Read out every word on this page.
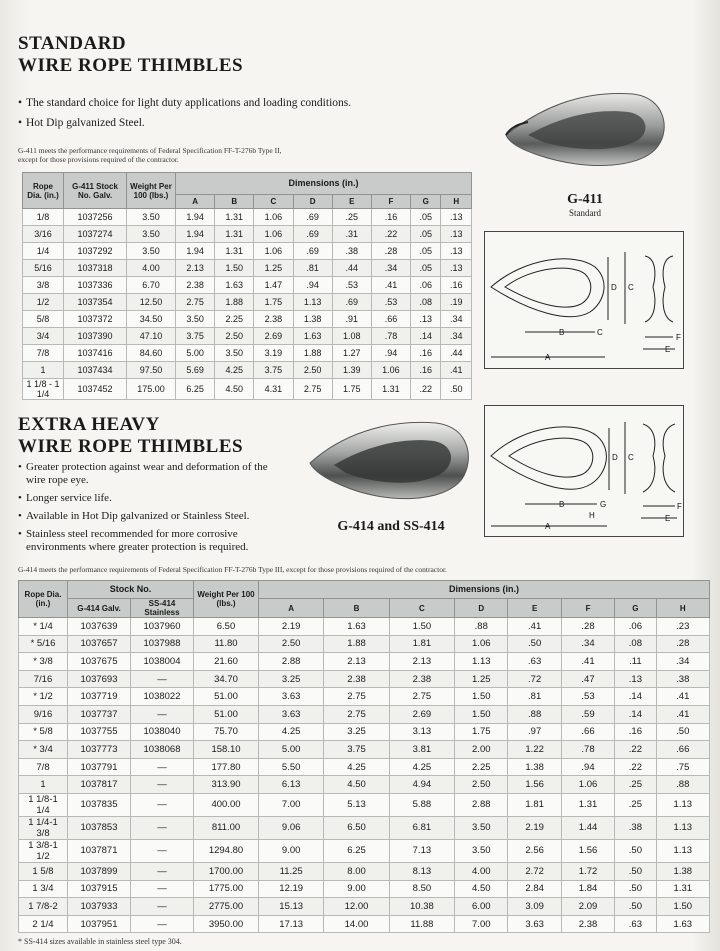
STANDARD
WIRE ROPE THIMBLES
• The standard choice for light duty applications and loading conditions.
• Hot Dip galvanized Steel.
G-411 meets the performance requirements of Federal Specification FF-T-276b Type II,
except for those provisions required of the contractor.
Rope Dia. (in.)	G-411 Stock No. Galv.	Weight Per 100 (lbs.)	Dimensions (in.)							
			A	B	C	D	E	F	G	H
1/8	1037256	3.50	1.94	1.31	1.06	.69	.25	.16	.05	.13
3/16	1037274	3.50	1.94	1.31	1.06	.69	.31	.22	.05	.13
1/4	1037292	3.50	1.94	1.31	1.06	.69	.38	.28	.05	.13
5/16	1037318	4.00	2.13	1.50	1.25	.81	.44	.34	.05	.13
3/8	1037336	6.70	2.38	1.63	1.47	.94	.53	.41	.06	.16
1/2	1037354	12.50	2.75	1.88	1.75	1.13	.69	.53	.08	.19
5/8	1037372	34.50	3.50	2.25	2.38	1.38	.91	.66	.13	.34
3/4	1037390	47.10	3.75	2.50	2.69	1.63	1.08	.78	.14	.34
7/8	1037416	84.60	5.00	3.50	3.19	1.88	1.27	.94	.16	.44
1	1037434	97.50	5.69	4.25	3.75	2.50	1.39	1.06	.16	.41
1 1/8 - 1 1/4	1037452	175.00	6.25	4.50	4.31	2.75	1.75	1.31	.22	.50
G-411
Standard
B
A
C
D C
F
E
EXTRA HEAVY
WIRE ROPE THIMBLES
• Greater protection against wear and deformation of the wire rope eye.
• Longer service life.
• Available in Hot Dip galvanized or Stainless Steel.
• Stainless steel recommended for more corrosive environments where greater protection is required.
G-414 and SS-414
B
A
G
H
D C
F
E
G-414 meets the performance requirements of Federal Specification FF-T-276b Type III, except for those provisions required of the contractor.
Rope Dia. (in.)	Stock No.		Weight Per 100 (lbs.)	Dimensions (in.)							
	G-414 Galv.	SS-414 Stainless		A	B	C	D	E	F	G	H
* 1/4	1037639	1037960	6.50	2.19	1.63	1.50	.88	.41	.28	.06	.23
* 5/16	1037657	1037988	11.80	2.50	1.88	1.81	1.06	.50	.34	.08	.28
* 3/8	1037675	1038004	21.60	2.88	2.13	2.13	1.13	.63	.41	.11	.34
7/16	1037693	—	34.70	3.25	2.38	2.38	1.25	.72	.47	.13	.38
* 1/2	1037719	1038022	51.00	3.63	2.75	2.75	1.50	.81	.53	.14	.41
9/16	1037737	—	51.00	3.63	2.75	2.69	1.50	.88	.59	.14	.41
* 5/8	1037755	1038040	75.70	4.25	3.25	3.13	1.75	.97	.66	.16	.50
* 3/4	1037773	1038068	158.10	5.00	3.75	3.81	2.00	1.22	.78	.22	.66
7/8	1037791	—	177.80	5.50	4.25	4.25	2.25	1.38	.94	.22	.75
1	1037817	—	313.90	6.13	4.50	4.94	2.50	1.56	1.06	.25	.88
1 1/8-1 1/4	1037835	—	400.00	7.00	5.13	5.88	2.88	1.81	1.31	.25	1.13
1 1/4-1 3/8	1037853	—	811.00	9.06	6.50	6.81	3.50	2.19	1.44	.38	1.13
1 3/8-1 1/2	1037871	—	1294.80	9.00	6.25	7.13	3.50	2.56	1.56	.50	1.13
1 5/8	1037899	—	1700.00	11.25	8.00	8.13	4.00	2.72	1.72	.50	1.38
1 3/4	1037915	—	1775.00	12.19	9.00	8.50	4.50	2.84	1.84	.50	1.31
1 7/8-2	1037933	—	2775.00	15.13	12.00	10.38	6.00	3.09	2.09	.50	1.50
2 1/4	1037951	—	3950.00	17.13	14.00	11.88	7.00	3.63	2.38	.63	1.63
* SS-414 sizes available in stainless steel type 304.
